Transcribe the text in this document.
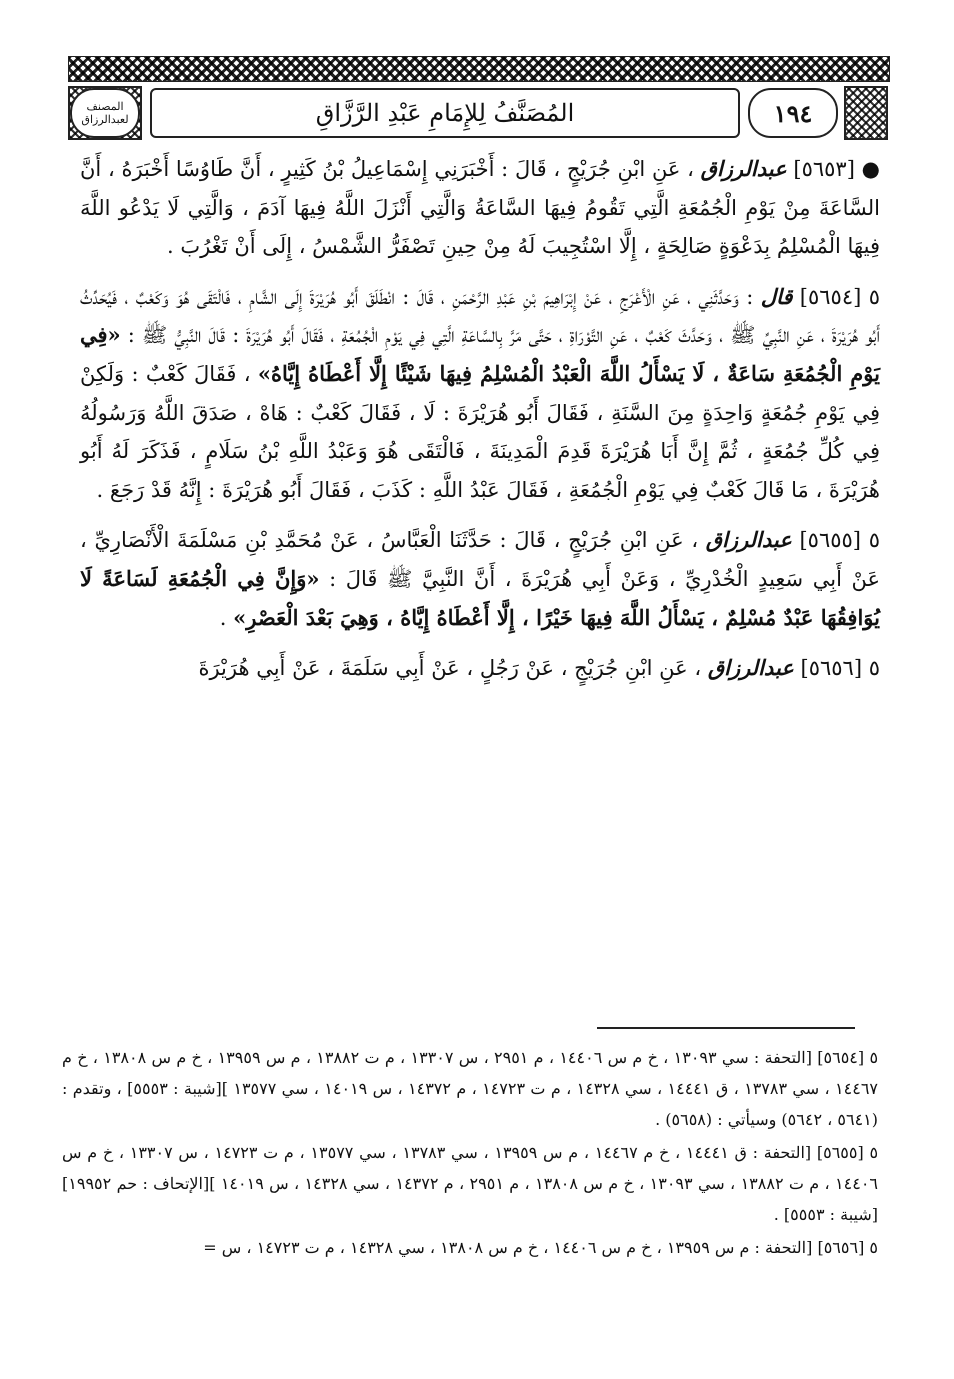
المصنف لعبدالرزاق	المُصَنَّفُ لِلإِمَامِ عَبْدِ الرَّزَّاقِ	١٩٤

● [٥٦٥٣] عبدالرزاق ، عَنِ ابْنِ جُرَيْجٍ ، قَالَ : أَخْبَرَنِي إِسْمَاعِيلُ بْنُ كَثِيرٍ ، أَنَّ طَاوُسًا أَخْبَرَهُ ، أَنَّ السَّاعَةَ مِنْ يَوْمِ الْجُمُعَةِ الَّتِي تَقُومُ فِيهَا السَّاعَةُ وَالَّتِي أَنْزَلَ اللَّهُ فِيهَا آدَمَ ، وَالَّتِي لَا يَدْعُو اللَّهَ فِيهَا الْمُسْلِمُ بِدَعْوَةٍ صَالِحَةٍ ، إِلَّا اسْتُجِيبَ لَهُ مِنْ حِينِ تَصْفَرُّ الشَّمْسُ ، إِلَى أَنْ تَغْرُبَ .

٥ [٥٦٥٤] قال : وَحَدَّثَنِي ، عَنِ الْأَعْرَجِ ، عَنْ إِبْرَاهِيمَ بْنِ عَبْدِ الرَّحْمَنِ ، قَالَ : انْطَلَقَ أَبُو هُرَيْرَةَ إِلَى الشَّامِ ، فَالْتَقَى هُوَ وَكَعْبٌ ، فَيُحَدِّثُ أَبُو هُرَيْرَةَ ، عَنِ النَّبِيِّ ﷺ ، وَحَدَّثَ كَعْبٌ ، عَنِ التَّوْرَاةِ ، حَتَّى مَرَّ بِالسَّاعَةِ الَّتِي فِي يَوْمِ الْجُمُعَةِ ، فَقَالَ أَبُو هُرَيْرَةَ : قَالَ النَّبِيُّ ﷺ : «فِي يَوْمِ الْجُمُعَةِ سَاعَةٌ ، لَا يَسْأَلُ اللَّهَ الْعَبْدُ الْمُسْلِمُ فِيهَا شَيْئًا إِلَّا أَعْطَاهُ إِيَّاهُ» ، فَقَالَ كَعْبٌ : وَلَكِنْ فِي يَوْمِ جُمُعَةٍ وَاحِدَةٍ مِنَ السَّنَةِ ، فَقَالَ أَبُو هُرَيْرَةَ : لَا ، فَقَالَ كَعْبٌ : هَاهْ ، صَدَقَ اللَّهُ وَرَسُولُهُ فِي كُلِّ جُمُعَةٍ ، ثُمَّ إِنَّ أَبَا هُرَيْرَةَ قَدِمَ الْمَدِينَةَ ، فَالْتَقَى هُوَ وَعَبْدُ اللَّهِ بْنُ سَلَامٍ ، فَذَكَرَ لَهُ أَبُو هُرَيْرَةَ ، مَا قَالَ كَعْبٌ فِي يَوْمِ الْجُمُعَةِ ، فَقَالَ عَبْدُ اللَّهِ : كَذَبَ ، فَقَالَ أَبُو هُرَيْرَةَ : إِنَّهُ قَدْ رَجَعَ .

٥ [٥٦٥٥] عبدالرزاق ، عَنِ ابْنِ جُرَيْجٍ ، قَالَ : حَدَّثَنَا الْعَبَّاسُ ، عَنْ مُحَمَّدِ بْنِ مَسْلَمَةَ الْأَنْصَارِيِّ ، عَنْ أَبِي سَعِيدٍ الْخُدْرِيِّ ، وَعَنْ أَبِي هُرَيْرَةَ ، أَنَّ النَّبِيَّ ﷺ قَالَ : «وَإِنَّ فِي الْجُمُعَةِ لَسَاعَةً لَا يُوَافِقُهَا عَبْدٌ مُسْلِمٌ ، يَسْأَلُ اللَّهَ فِيهَا خَيْرًا ، إِلَّا أَعْطَاهُ إِيَّاهُ ، وَهِيَ بَعْدَ الْعَصْرِ» .

٥ [٥٦٥٦] عبدالرزاق ، عَنِ ابْنِ جُرَيْجٍ ، عَنْ رَجُلٍ ، عَنْ أَبِي سَلَمَةَ ، عَنْ أَبِي هُرَيْرَةَ

٥ [٥٦٥٤] [التحفة : سي ١٣٠٩٣ ، خ م س ١٤٤٠٦ ، م ٢٩٥١ ، س ١٣٣٠٧ ، م ت ١٣٨٨٢ ، م س ١٣٩٥٩ ، خ م س ١٣٨٠٨ ، خ م ١٤٤٦٧ ، سي ١٣٧٨٣ ، ق ١٤٤٤١ ، سي ١٤٣٢٨ ، م ت ١٤٧٢٣ ، م ١٤٣٧٢ ، س ١٤٠١٩ ، سي ١٣٥٧٧ ][شيبة : ٥٥٥٣] ، وتقدم : (٥٦٤١ ، ٥٦٤٢) وسيأتي : (٥٦٥٨) .

٥ [٥٦٥٥] [التحفة : ق ١٤٤٤١ ، خ م ١٤٤٦٧ ، م س ١٣٩٥٩ ، سي ١٣٧٨٣ ، سي ١٣٥٧٧ ، م ت ١٤٧٢٣ ، س ١٣٣٠٧ ، خ م س ١٤٤٠٦ ، م ت ١٣٨٨٢ ، سي ١٣٠٩٣ ، خ م س ١٣٨٠٨ ، م ٢٩٥١ ، م ١٤٣٧٢ ، سي ١٤٣٢٨ ، س ١٤٠١٩ ][الإتحاف : حم ١٩٩٥٢][شيبة : ٥٥٥٣] .

٥ [٥٦٥٦] [التحفة : م س ١٣٩٥٩ ، خ م س ١٤٤٠٦ ، خ م س ١٣٨٠٨ ، سي ١٤٣٢٨ ، م ت ١٤٧٢٣ ، س =
